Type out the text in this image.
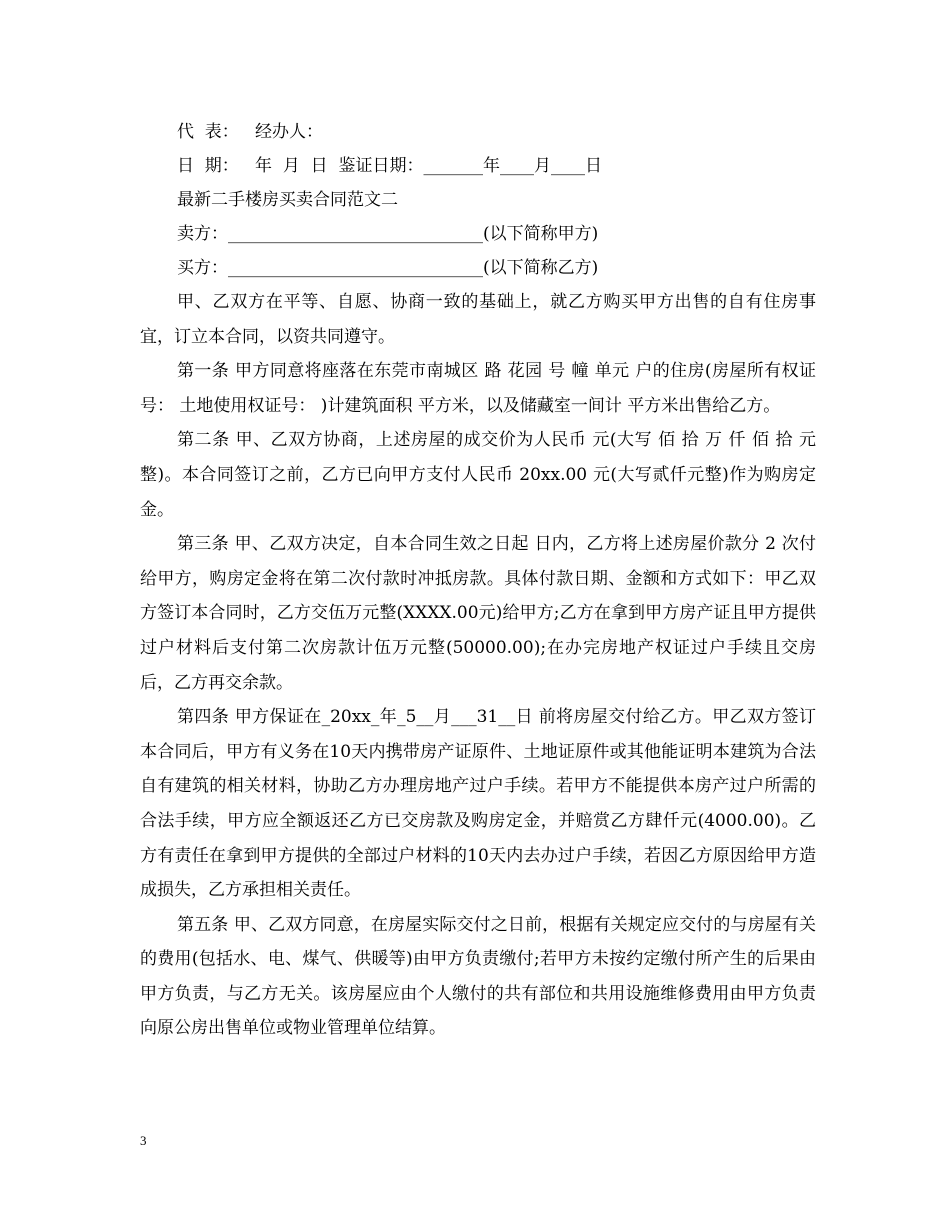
代  表：   经办人：
日  期：   年  月  日  鉴证日期：_______年____月____日
最新二手楼房买卖合同范文二
卖方：______________________________(以下简称甲方)
买方：______________________________(以下简称乙方)
甲、乙双方在平等、自愿、协商一致的基础上，就乙方购买甲方出售的自有住房事宜，订立本合同，以资共同遵守。
第一条 甲方同意将座落在东莞市南城区 路 花园 号 幢 单元 户的住房(房屋所有权证号： 土地使用权证号： )计建筑面积 平方米，以及储藏室一间计 平方米出售给乙方。
第二条 甲、乙双方协商，上述房屋的成交价为人民币 元(大写 佰 拾 万 仟 佰 拾 元整)。本合同签订之前，乙方已向甲方支付人民币 20xx.00 元(大写贰仟元整)作为购房定金。
第三条 甲、乙双方决定，自本合同生效之日起 日内，乙方将上述房屋价款分 2 次付给甲方，购房定金将在第二次付款时冲抵房款。具体付款日期、金额和方式如下：甲乙双方签订本合同时，乙方交伍万元整(XXXX.00元)给甲方;乙方在拿到甲方房产证且甲方提供过户材料后支付第二次房款计伍万元整(50000.00);在办完房地产权证过户手续且交房后，乙方再交余款。
第四条 甲方保证在_20xx_年_5__月___31__日 前将房屋交付给乙方。甲乙双方签订本合同后，甲方有义务在10天内携带房产证原件、土地证原件或其他能证明本建筑为合法自有建筑的相关材料，协助乙方办理房地产过户手续。若甲方不能提供本房产过户所需的合法手续，甲方应全额返还乙方已交房款及购房定金，并赔赏乙方肆仟元(4000.00)。乙方有责任在拿到甲方提供的全部过户材料的10天内去办过户手续，若因乙方原因给甲方造成损失，乙方承担相关责任。
第五条 甲、乙双方同意，在房屋实际交付之日前，根据有关规定应交付的与房屋有关的费用(包括水、电、煤气、供暖等)由甲方负责缴付;若甲方未按约定缴付所产生的后果由甲方负责，与乙方无关。该房屋应由个人缴付的共有部位和共用设施维修费用由甲方负责向原公房出售单位或物业管理单位结算。
3
